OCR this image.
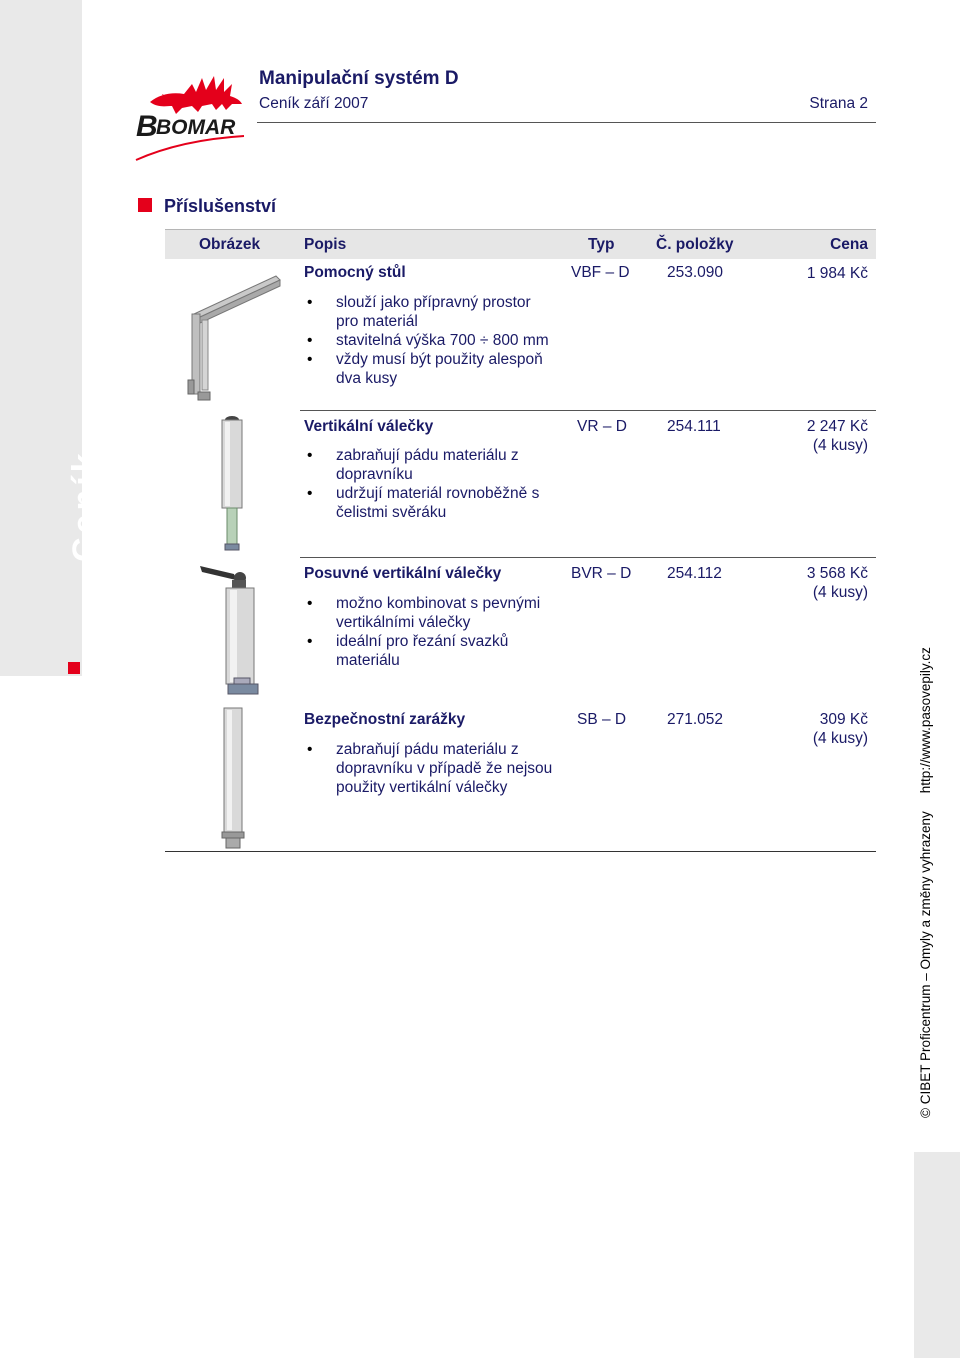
Ceník
B
BOMAR
Manipulační systém D
Ceník září 2007	Strana 2
Příslušenství
Obrázek	Popis	Typ	Č. položky	Cena
Pomocný stůl	VBF – D 253.090	1 984 Kč
• slouží jako přípravný prostor pro materiál
• stavitelná výška 700 ÷ 800 mm
• vždy musí být použity alespoň dva kusy
Vertikální válečky	VR – D	254.111	2 247 Kč
(4 kusy)
• zabraňují pádu materiálu z dopravníku
• udržují materiál rovnoběžně s čelistmi svěráku
Posuvné vertikální válečky	BVR – D 254.112	3 568 Kč
(4 kusy)
• možno kombinovat s pevnými vertikálními válečky
• ideální pro řezání svazků materiálu
Bezpečnostní zarážky	SB – D	271.052	309 Kč
(4 kusy)
• zabraňují pádu materiálu z dopravníku v případě že nejsou použity vertikální válečky
© CIBET Proficentrum – Omyly a změny vyhrazenyhttp://www.pasovepily.cz
